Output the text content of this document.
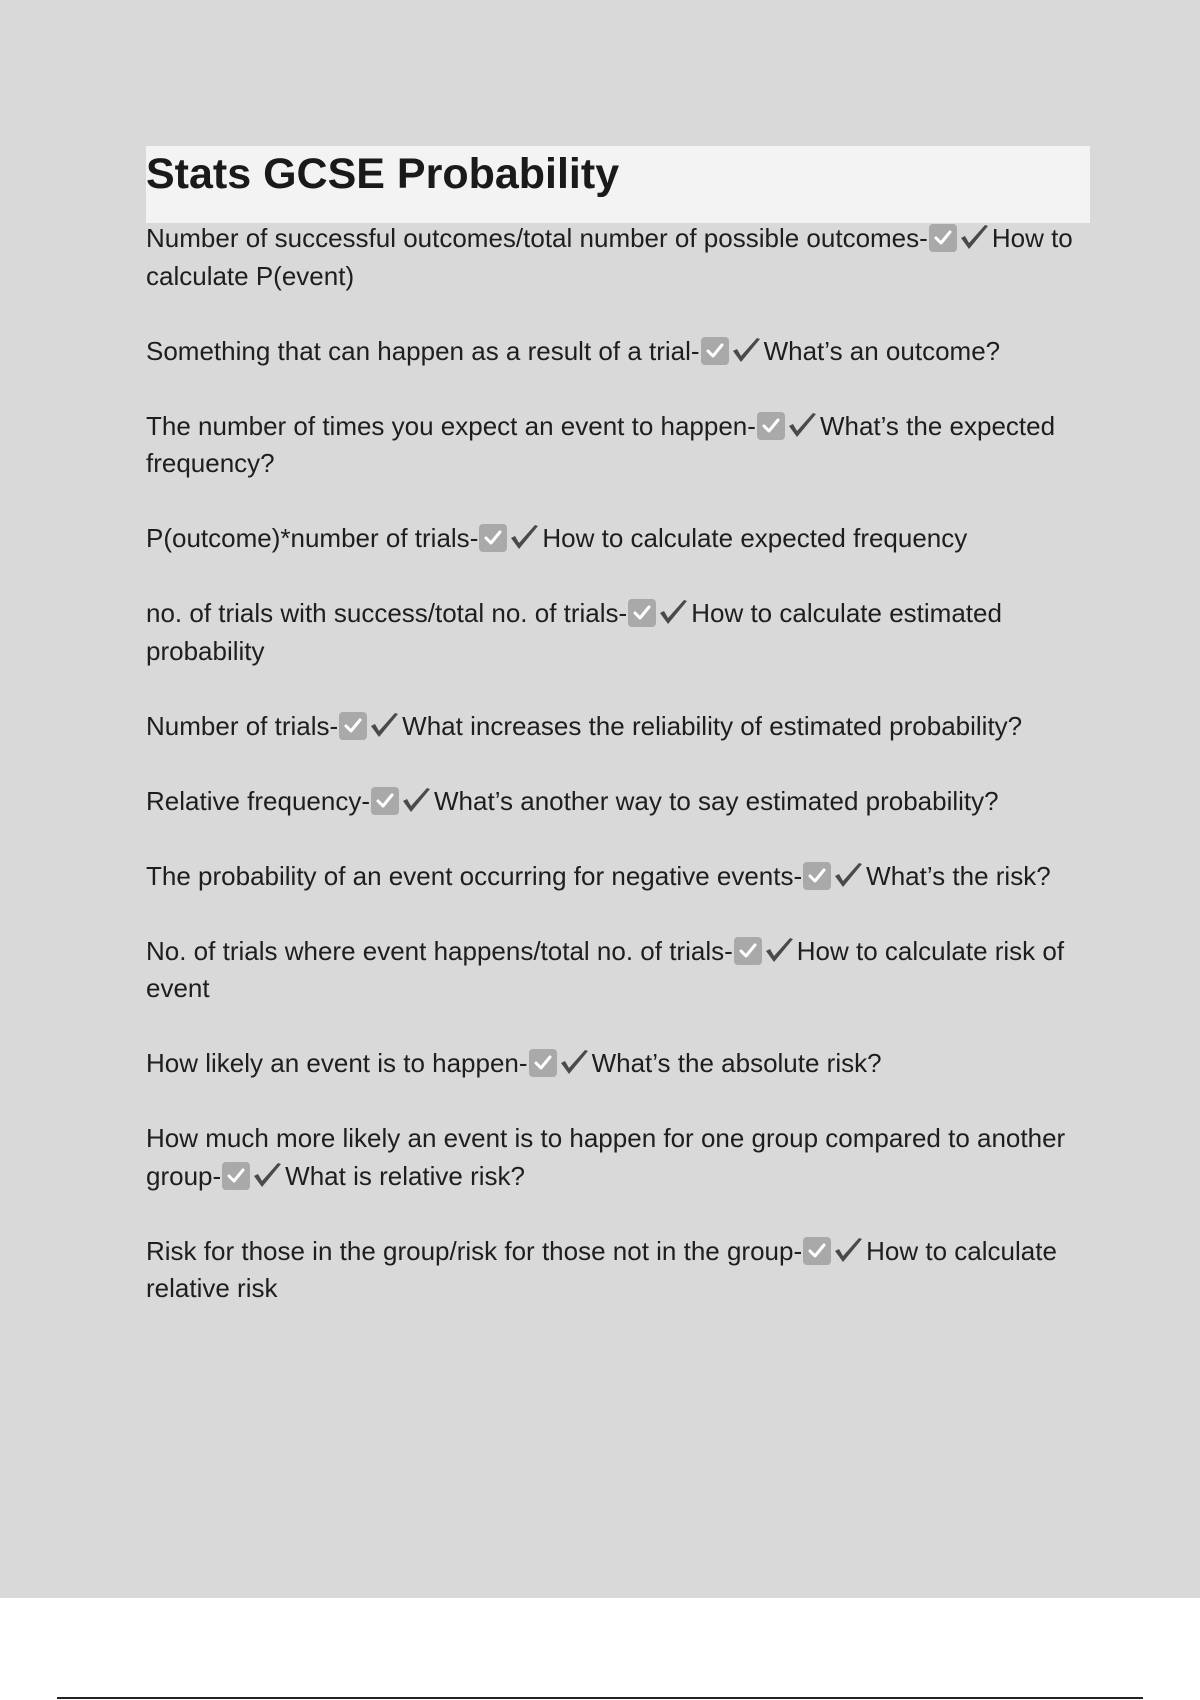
Stats GCSE Probability

Number of successful outcomes/total number of possible outcomes- How to calculate P(event)

Something that can happen as a result of a trial- What’s an outcome?

The number of times you expect an event to happen- What’s the expected frequency?

P(outcome)*number of trials- How to calculate expected frequency

no. of trials with success/total no. of trials- How to calculate estimated probability

Number of trials- What increases the reliability of estimated probability?

Relative frequency- What’s another way to say estimated probability?

The probability of an event occurring for negative events- What’s the risk?

No. of trials where event happens/total no. of trials- How to calculate risk of event

How likely an event is to happen- What’s the absolute risk?

How much more likely an event is to happen for one group compared to another group- What is relative risk?

Risk for those in the group/risk for those not in the group- How to calculate relative risk
